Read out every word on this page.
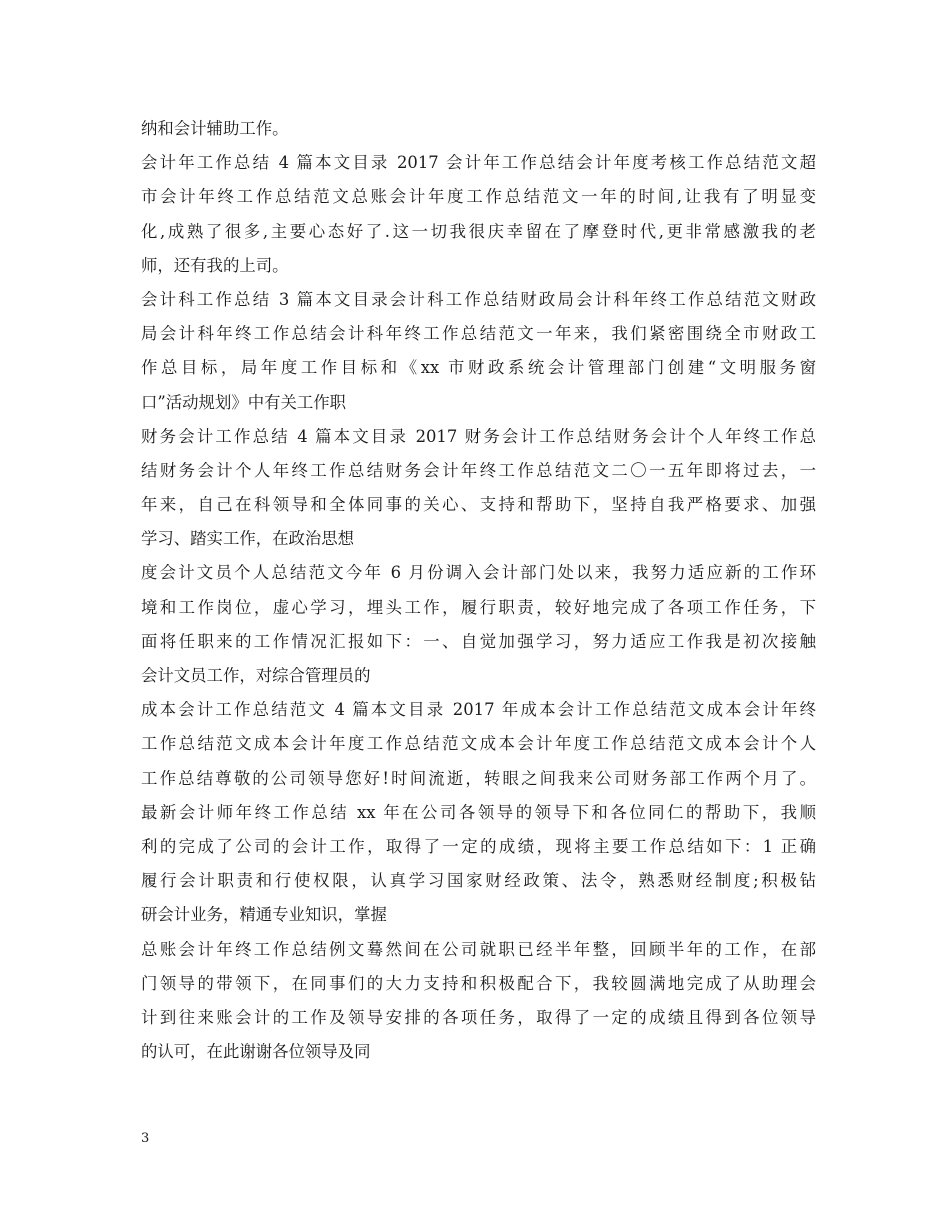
纳和会计辅助工作。
会计年工作总结 4 篇本文目录 2017 会计年工作总结会计年度考核工作总结范文超
市会计年终工作总结范文总账会计年度工作总结范文一年的时间,让我有了明显变
化,成熟了很多,主要心态好了.这一切我很庆幸留在了摩登时代,更非常感激我的老
师，还有我的上司。
会计科工作总结 3 篇本文目录会计科工作总结财政局会计科年终工作总结范文财政
局会计科年终工作总结会计科年终工作总结范文一年来，我们紧密围绕全市财政工
作总目标，局年度工作目标和《xx 市财政系统会计管理部门创建“文明服务窗
口”活动规划》中有关工作职
财务会计工作总结 4 篇本文目录 2017 财务会计工作总结财务会计个人年终工作总
结财务会计个人年终工作总结财务会计年终工作总结范文二〇一五年即将过去，一
年来，自己在科领导和全体同事的关心、支持和帮助下，坚持自我严格要求、加强
学习、踏实工作，在政治思想
度会计文员个人总结范文今年 6 月份调入会计部门处以来，我努力适应新的工作环
境和工作岗位，虚心学习，埋头工作，履行职责，较好地完成了各项工作任务，下
面将任职来的工作情况汇报如下：一、自觉加强学习，努力适应工作我是初次接触
会计文员工作，对综合管理员的
成本会计工作总结范文 4 篇本文目录 2017 年成本会计工作总结范文成本会计年终
工作总结范文成本会计年度工作总结范文成本会计年度工作总结范文成本会计个人
工作总结尊敬的公司领导您好!时间流逝，转眼之间我来公司财务部工作两个月了。
最新会计师年终工作总结 xx 年在公司各领导的领导下和各位同仁的帮助下，我顺
利的完成了公司的会计工作，取得了一定的成绩，现将主要工作总结如下：1 正确
履行会计职责和行使权限，认真学习国家财经政策、法令，熟悉财经制度;积极钻
研会计业务，精通专业知识，掌握
总账会计年终工作总结例文蓦然间在公司就职已经半年整，回顾半年的工作，在部
门领导的带领下，在同事们的大力支持和积极配合下，我较圆满地完成了从助理会
计到往来账会计的工作及领导安排的各项任务，取得了一定的成绩且得到各位领导
的认可，在此谢谢各位领导及同
3
